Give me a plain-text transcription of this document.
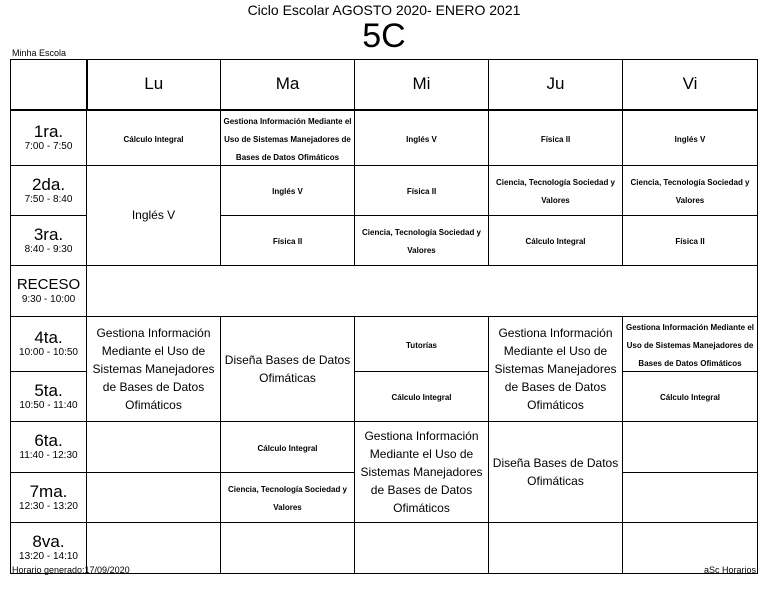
Ciclo Escolar AGOSTO 2020- ENERO 2021
5C
Minha Escola
	Lu	Ma	Mi	Ju	Vi

1ra.
7:00 - 7:50	Cálculo Integral	Gestiona Información Mediante el Uso de Sistemas Manejadores de Bases de Datos Ofimáticos	Inglés V	Física II	Inglés V

2da.
7:50 - 8:40	Inglés V	Inglés V	Física II	Ciencia, Tecnología Sociedad y Valores	Ciencia, Tecnología Sociedad y Valores

3ra.
8:40 - 9:30		Física II	Ciencia, Tecnología Sociedad y Valores	Cálculo Integral	Física II

RECESO
9:30 - 10:00					

4ta.
10:00 - 10:50	Gestiona Información Mediante el Uso de Sistemas Manejadores de Bases de Datos Ofimáticos	Diseña Bases de Datos Ofimáticas	Tutorías	Gestiona Información Mediante el Uso de Sistemas Manejadores de Bases de Datos Ofimáticos	Gestiona Información Mediante el Uso de Sistemas Manejadores de Bases de Datos Ofimáticos

5ta.
10:50 - 11:40			Cálculo Integral		Cálculo Integral

6ta.
11:40 - 12:30		Cálculo Integral	Gestiona Información Mediante el Uso de Sistemas Manejadores de Bases de Datos Ofimáticos	Diseña Bases de Datos Ofimáticas	

7ma.
12:30 - 13:20		Ciencia, Tecnología Sociedad y Valores			

8va.
13:20 - 14:10					

Horario generado:17/09/2020	aSc Horarios
